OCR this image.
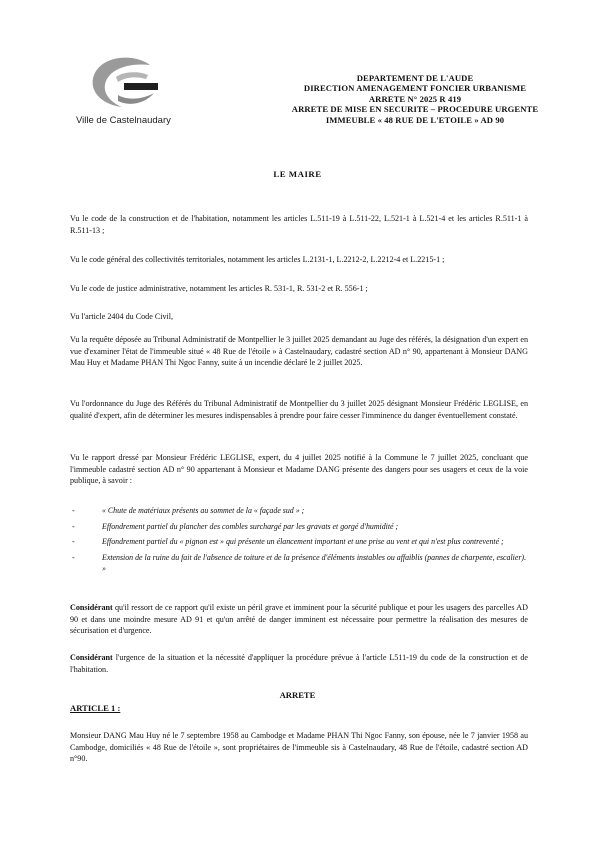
Ville de Castelnaudary
DEPARTEMENT DE L'AUDE
DIRECTION AMENAGEMENT FONCIER URBANISME
ARRETE N° 2025 R 419
ARRETE DE MISE EN SECURITE – PROCEDURE URGENTE
IMMEUBLE « 48 RUE DE L'ETOILE » AD 90
LE MAIRE
Vu le code de la construction et de l'habitation, notamment les articles L.511-19 à L.511-22, L.521-1 à L.521-4 et les articles R.511-1 à R.511-13 ;
Vu le code général des collectivités territoriales, notamment les articles L.2131-1, L.2212-2, L.2212-4 et L.2215-1 ;
Vu le code de justice administrative, notamment les articles R. 531-1, R. 531-2 et R. 556-1 ;
Vu l'article 2404 du Code Civil,
Vu la requête déposée au Tribunal Administratif de Montpellier le 3 juillet 2025 demandant au Juge des référés, la désignation d'un expert en vue d'examiner l'état de l'immeuble situé « 48 Rue de l'étoile » à Castelnaudary, cadastré section AD n° 90, appartenant à Monsieur DANG Mau Huy et Madame PHAN Thi Ngoc Fanny, suite à un incendie déclaré le 2 juillet 2025.
Vu l'ordonnance du Juge des Référés du Tribunal Administratif de Montpellier du 3 juillet 2025 désignant Monsieur Frédéric LEGLISE, en qualité d'expert, afin de déterminer les mesures indispensables à prendre pour faire cesser l'imminence du danger éventuellement constaté.
Vu le rapport dressé par Monsieur Frédéric LEGLISE, expert, du 4 juillet 2025 notifié à la Commune le 7 juillet 2025, concluant que l'immeuble cadastré section AD n° 90 appartenant à Monsieur et Madame DANG présente des dangers pour ses usagers et ceux de la voie publique, à savoir :
-	« Chute de matériaux présents au sommet de la « façade sud » ;
-	Effondrement partiel du plancher des combles surchargé par les gravats et gorgé d'humidité ;
-	Effondrement partiel du « pignon est » qui présente un élancement important et une prise au vent et qui n'est plus contreventé ;
-	Extension de la ruine du fait de l'absence de toiture et de la présence d'éléments instables ou affaiblis (pannes de charpente, escalier). »
Considérant qu'il ressort de ce rapport qu'il existe un péril grave et imminent pour la sécurité publique et pour les usagers des parcelles AD 90 et dans une moindre mesure AD 91 et qu'un arrêté de danger imminent est nécessaire pour permettre la réalisation des mesures de sécurisation et d'urgence.
Considérant l'urgence de la situation et la nécessité d'appliquer la procédure prévue à l'article L511-19 du code de la construction et de l'habitation.
ARRETE
ARTICLE 1 :
Monsieur DANG Mau Huy né le 7 septembre 1958 au Cambodge et Madame PHAN Thi Ngoc Fanny, son épouse, née le 7 janvier 1958 au Cambodge, domiciliés « 48 Rue de l'étoile », sont propriétaires de l'immeuble sis à Castelnaudary, 48 Rue de l'étoile, cadastré section AD n°90.
